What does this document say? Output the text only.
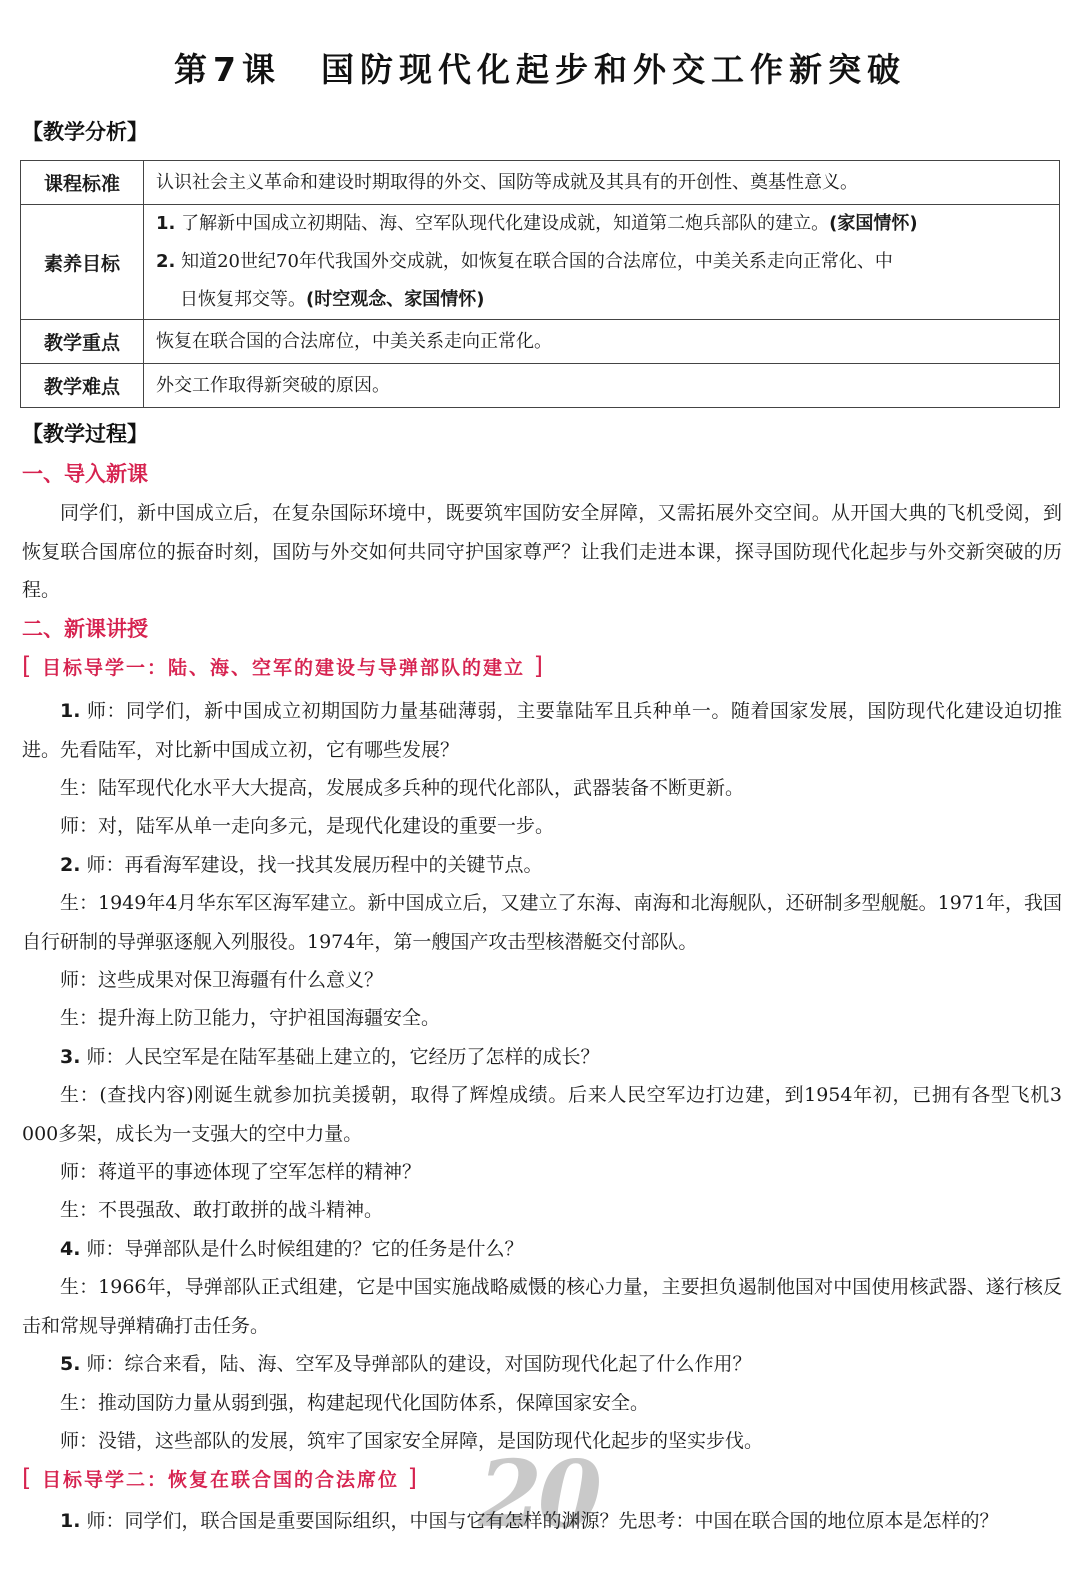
第7课 国防现代化起步和外交工作新突破
【教学分析】
课程标准	认识社会主义革命和建设时期取得的外交、国防等成就及其具有的开创性、奠基性意义。
素养目标	1. 了解新中国成立初期陆、海、空军队现代化建设成就，知道第二炮兵部队的建立。(家国情怀)
2. 知道20世纪70年代我国外交成就，如恢复在联合国的合法席位，中美关系走向正常化、中
日恢复邦交等。(时空观念、家国情怀)

教学重点	恢复在联合国的合法席位，中美关系走向正常化。
教学难点	外交工作取得新突破的原因。
【教学过程】
一、导入新课

同学们，新中国成立后，在复杂国际环境中，既要筑牢国防安全屏障，又需拓展外交空间。从开国大典的飞机受阅，到恢复联合国席位的振奋时刻，国防与外交如何共同守护国家尊严？让我们走进本课，探寻国防现代化起步与外交新突破的历程。

二、新课讲授
[ 目标导学一：陆、海、空军的建设与导弹部队的建立 ]

1. 师：同学们，新中国成立初期国防力量基础薄弱，主要靠陆军且兵种单一。随着国家发展，国防现代化建设迫切推进。先看陆军，对比新中国成立初，它有哪些发展？

生：陆军现代化水平大大提高，发展成多兵种的现代化部队，武器装备不断更新。

师：对，陆军从单一走向多元，是现代化建设的重要一步。

2. 师：再看海军建设，找一找其发展历程中的关键节点。

生：1949年4月华东军区海军建立。新中国成立后，又建立了东海、南海和北海舰队，还研制多型舰艇。1971年，我国自行研制的导弹驱逐舰入列服役。1974年，第一艘国产攻击型核潜艇交付部队。

师：这些成果对保卫海疆有什么意义？

生：提升海上防卫能力，守护祖国海疆安全。

3. 师：人民空军是在陆军基础上建立的，它经历了怎样的成长？

生：(查找内容)刚诞生就参加抗美援朝，取得了辉煌成绩。后来人民空军边打边建，到1954年初，已拥有各型飞机3 000多架，成长为一支强大的空中力量。

师：蒋道平的事迹体现了空军怎样的精神？

生：不畏强敌、敢打敢拼的战斗精神。

4. 师：导弹部队是什么时候组建的？它的任务是什么？

生：1966年，导弹部队正式组建，它是中国实施战略威慑的核心力量，主要担负遏制他国对中国使用核武器、遂行核反击和常规导弹精确打击任务。

5. 师：综合来看，陆、海、空军及导弹部队的建设，对国防现代化起了什么作用？

生：推动国防力量从弱到强，构建起现代化国防体系，保障国家安全。

师：没错，这些部队的发展，筑牢了国家安全屏障，是国防现代化起步的坚实步伐。

20
[ 目标导学二：恢复在联合国的合法席位 ]

1. 师：同学们，联合国是重要国际组织，中国与它有怎样的渊源？先思考：中国在联合国的地位原本是怎样的？
